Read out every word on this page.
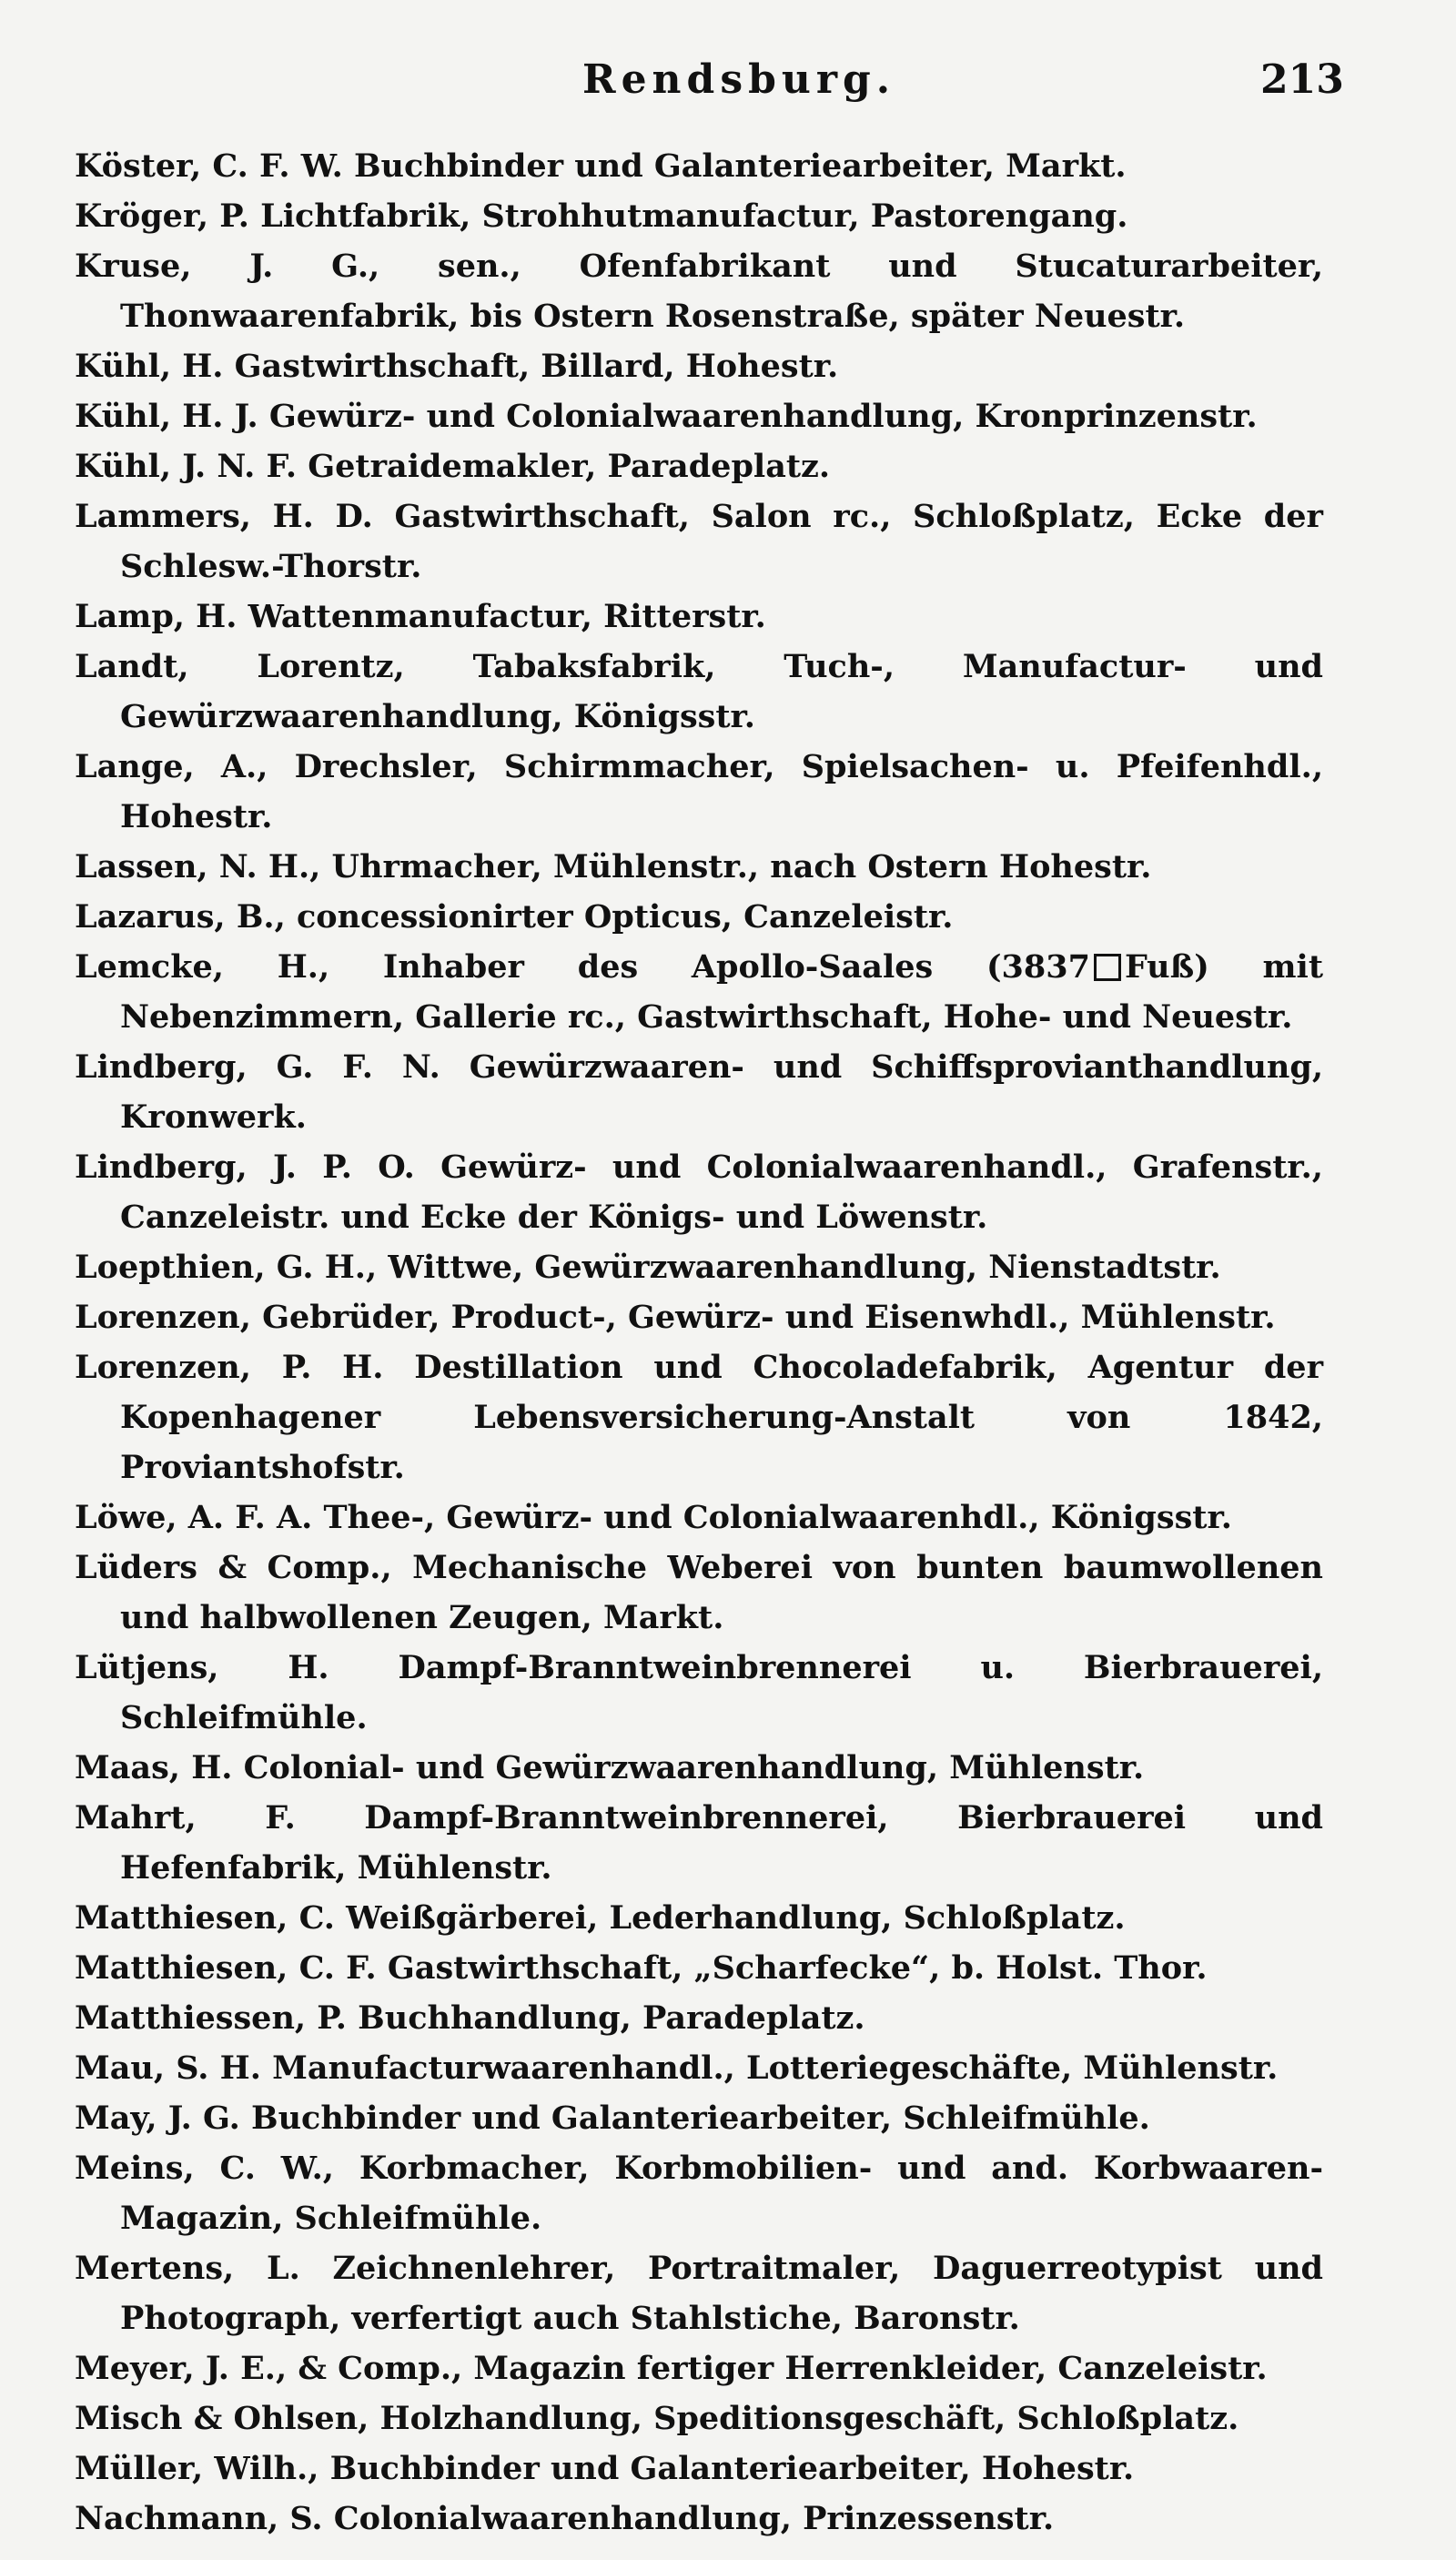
Rendsburg.	213

Köster, C. F. W. Buchbinder und Galanteriearbeiter, Markt.

Kröger, P. Lichtfabrik, Strohhutmanufactur, Pastorengang.

Kruse, J. G., sen., Ofenfabrikant und Stucaturarbeiter, Thonwaarenfabrik, bis Ostern Rosenstraße, später Neuestr.

Kühl, H. Gastwirthschaft, Billard, Hohestr.

Kühl, H. J. Gewürz- und Colonialwaarenhandlung, Kronprinzenstr.

Kühl, J. N. F. Getraidemakler, Paradeplatz.

Lammers, H. D. Gastwirthschaft, Salon rc., Schloßplatz, Ecke der Schlesw.-Thorstr.

Lamp, H. Wattenmanufactur, Ritterstr.

Landt, Lorentz, Tabaksfabrik, Tuch-, Manufactur- und Gewürzwaarenhandlung, Königsstr.

Lange, A., Drechsler, Schirmmacher, Spielsachen- u. Pfeifenhdl., Hohestr.

Lassen, N. H., Uhrmacher, Mühlenstr., nach Ostern Hohestr.

Lazarus, B., concessionirter Opticus, Canzeleistr.

Lemcke, H., Inhaber des Apollo-Saales (3837 Fuß) mit Nebenzimmern, Gallerie rc., Gastwirthschaft, Hohe- und Neuestr.

Lindberg, G. F. N. Gewürzwaaren- und Schiffsprovianthandlung, Kronwerk.

Lindberg, J. P. O. Gewürz- und Colonialwaarenhandl., Grafenstr., Canzeleistr. und Ecke der Königs- und Löwenstr.

Loepthien, G. H., Wittwe, Gewürzwaarenhandlung, Nienstadtstr.

Lorenzen, Gebrüder, Product-, Gewürz- und Eisenwhdl., Mühlenstr.

Lorenzen, P. H. Destillation und Chocoladefabrik, Agentur der Kopenhagener Lebensversicherung-Anstalt von 1842, Proviantshofstr.

Löwe, A. F. A. Thee-, Gewürz- und Colonialwaarenhdl., Königsstr.

Lüders & Comp., Mechanische Weberei von bunten baumwollenen und halbwollenen Zeugen, Markt.

Lütjens, H. Dampf-Branntweinbrennerei u. Bierbrauerei, Schleifmühle.

Maas, H. Colonial- und Gewürzwaarenhandlung, Mühlenstr.

Mahrt, F. Dampf-Branntweinbrennerei, Bierbrauerei und Hefenfabrik, Mühlenstr.

Matthiesen, C. Weißgärberei, Lederhandlung, Schloßplatz.

Matthiesen, C. F. Gastwirthschaft, „Scharfecke“, b. Holst. Thor.

Matthiessen, P. Buchhandlung, Paradeplatz.

Mau, S. H. Manufacturwaarenhandl., Lotteriegeschäfte, Mühlenstr.

May, J. G. Buchbinder und Galanteriearbeiter, Schleifmühle.

Meins, C. W., Korbmacher, Korbmobilien- und and. Korbwaaren-Magazin, Schleifmühle.

Mertens, L. Zeichnenlehrer, Portraitmaler, Daguerreotypist und Photograph, verfertigt auch Stahlstiche, Baronstr.

Meyer, J. E., & Comp., Magazin fertiger Herrenkleider, Canzeleistr.

Misch & Ohlsen, Holzhandlung, Speditionsgeschäft, Schloßplatz.

Müller, Wilh., Buchbinder und Galanteriearbeiter, Hohestr.

Nachmann, S. Colonialwaarenhandlung, Prinzessenstr.
